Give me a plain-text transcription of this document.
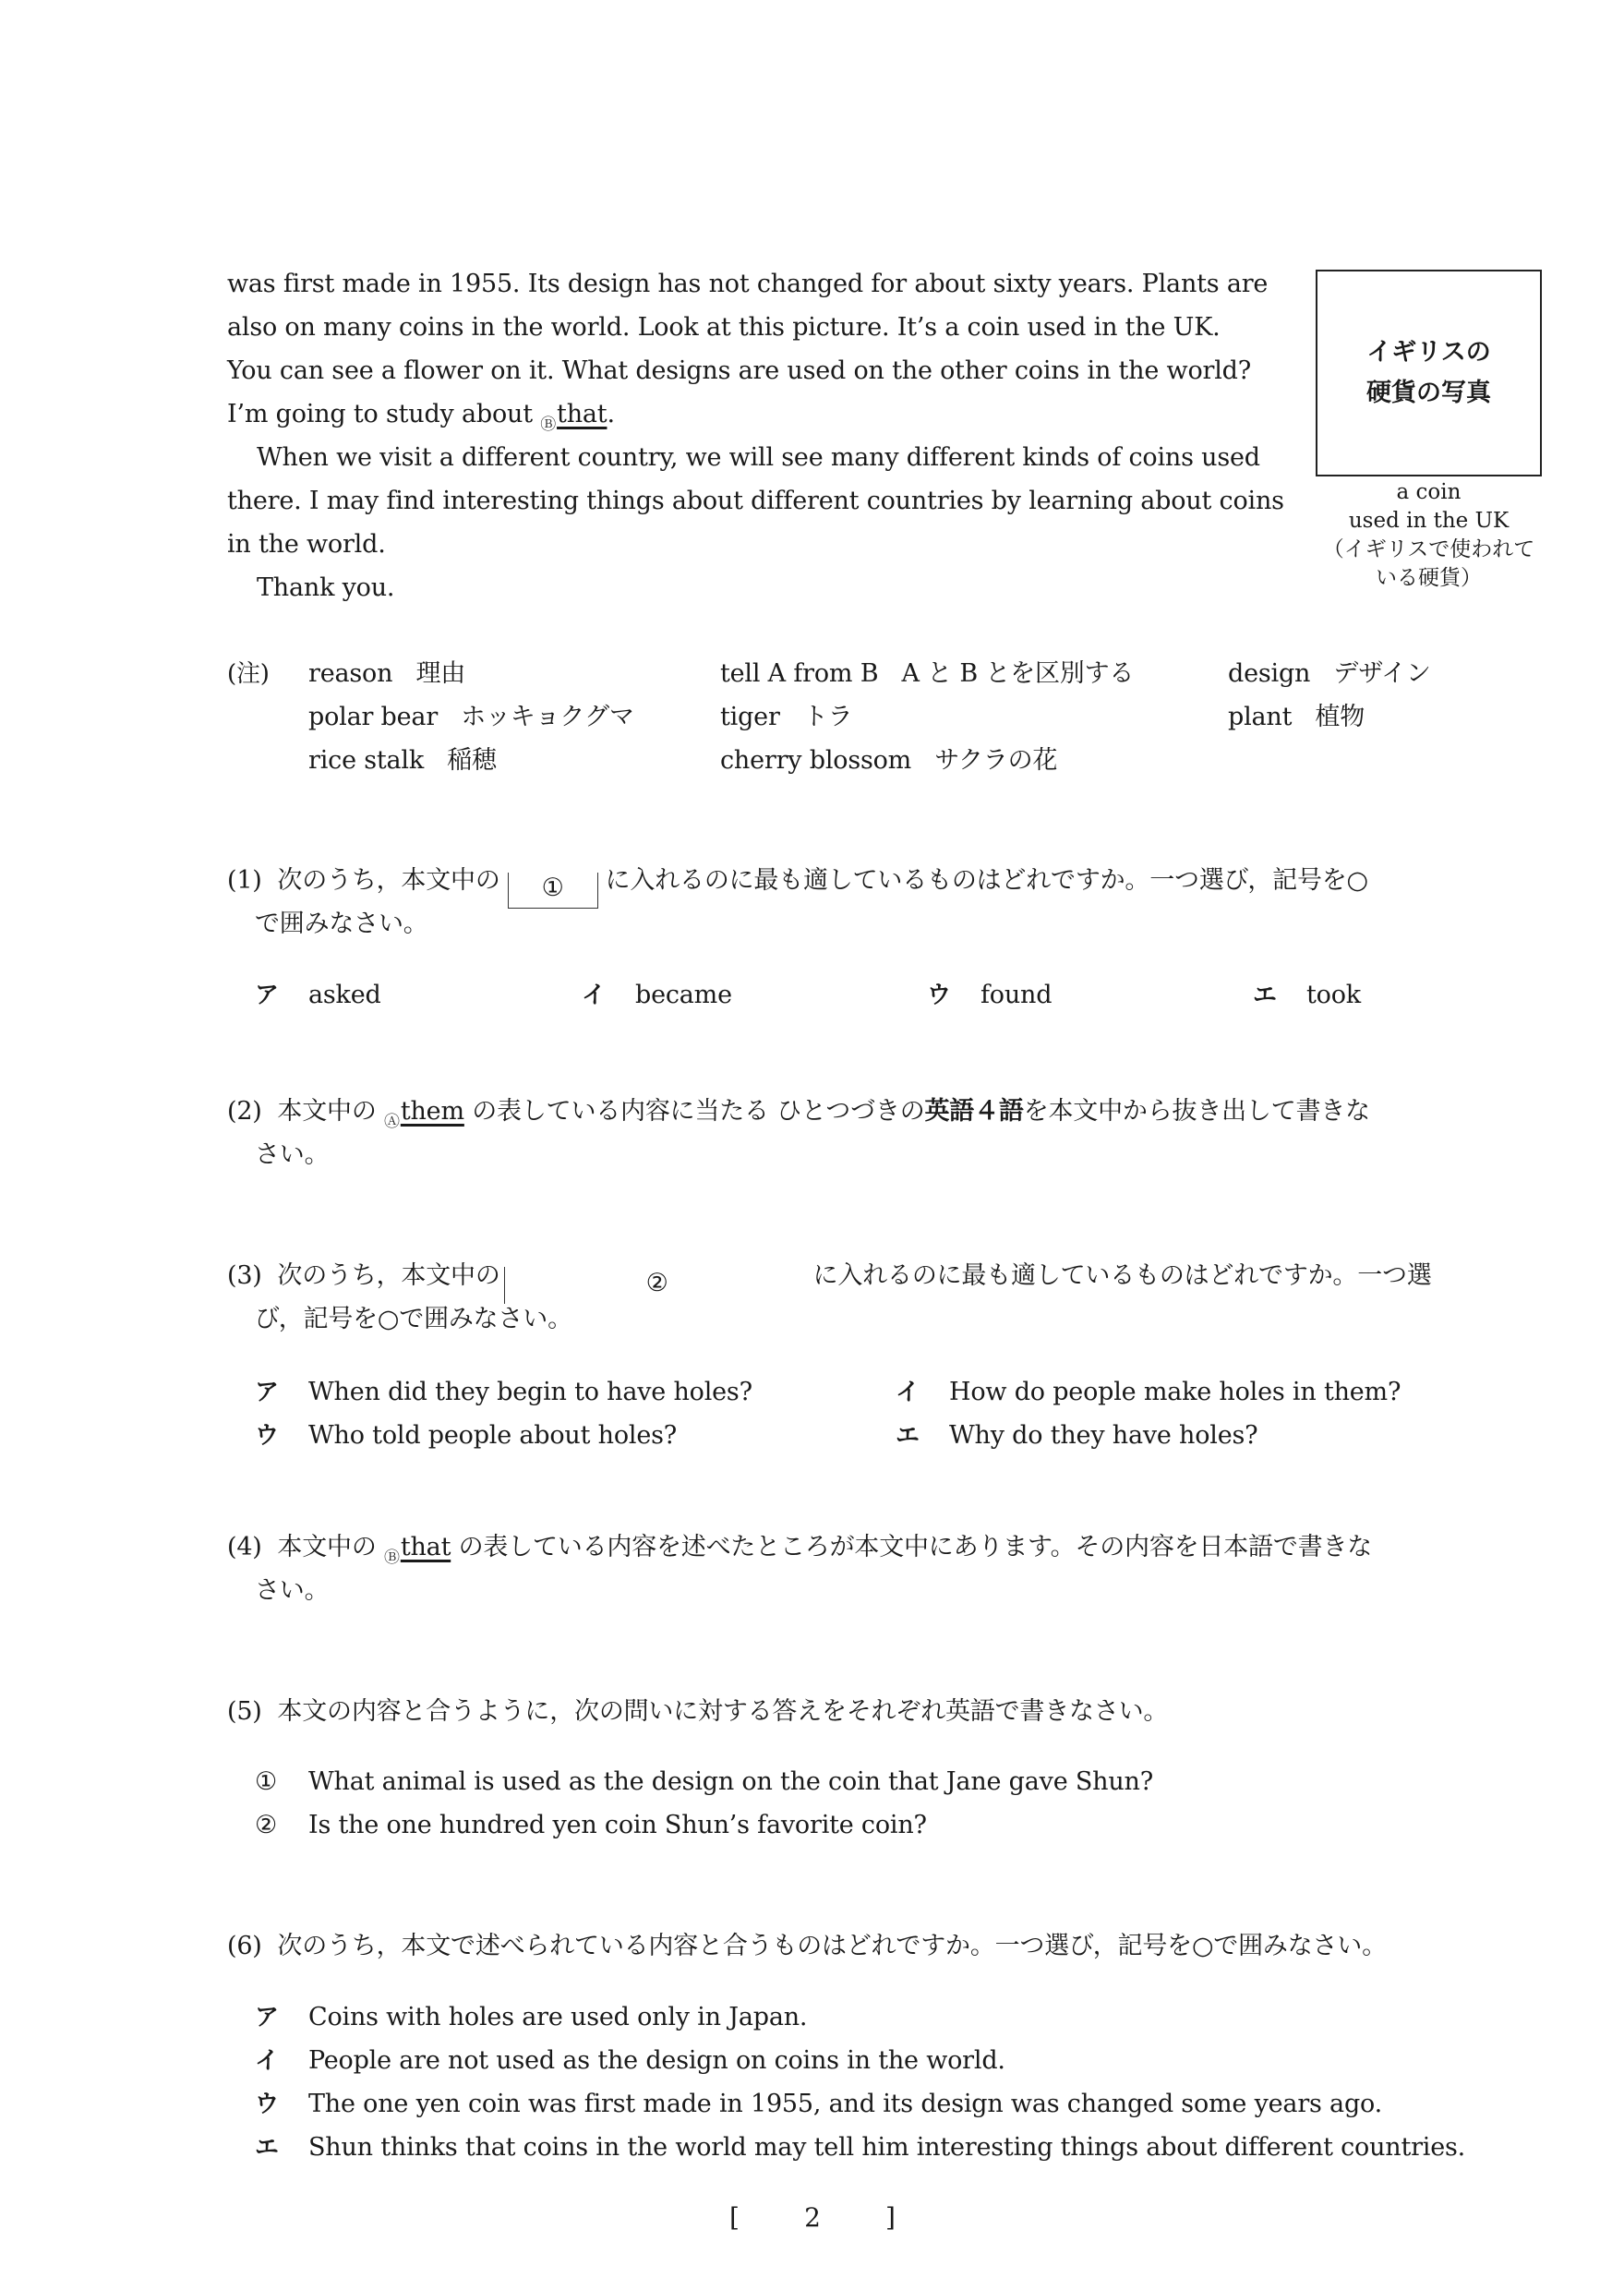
was first made in 1955. Its design has not changed for about sixty years. Plants are
also on many coins in the world. Look at this picture. It’s a coin used in the UK.
You can see a flower on it. What designs are used on the other coins in the world?
I’m going to study about Ⓑthat.
When we visit a different country, we will see many different kinds of coins used
there. I may find interesting things about different countries by learning about coins
in the world.
Thank you.
イギリスの
硬貨の写真
a coin
used in the UK
（イギリスで使われて
いる硬貨）
(注) reason 理由	tell A from B A と B とを区別する	design デザイン
polar bear ホッキョクグマ	tiger トラ	plant 植物
rice stalk 稲穂	cherry blossom サクラの花
(1) 次のうち，本文中の ① に入れるのに最も適しているものはどれですか。一つ選び，記号を○
で囲みなさい。
ア asked	イ became	ウ found	エ took
(2) 本文中の Ⓐthem の表している内容に当たる ひとつづきの英語４語を本文中から抜き出して書きな
さい。
(3) 次のうち，本文中の	②	に入れるのに最も適しているものはどれですか。一つ選
び，記号を○で囲みなさい。
ア When did they begin to have holes?	イ How do people make holes in them?
ウ Who told people about holes?	エ Why do they have holes?
(4) 本文中の Ⓑthat の表している内容を述べたところが本文中にあります。その内容を日本語で書きな
さい。
(5) 本文の内容と合うように，次の問いに対する答えをそれぞれ英語で書きなさい。
① What animal is used as the design on the coin that Jane gave Shun?
② Is the one hundred yen coin Shun’s favorite coin?
(6) 次のうち，本文で述べられている内容と合うものはどれですか。一つ選び，記号を○で囲みなさい。
ア Coins with holes are used only in Japan.
イ People are not used as the design on coins in the world.
ウ The one yen coin was first made in 1955, and its design was changed some years ago.
エ Shun thinks that coins in the world may tell him interesting things about different countries.
[	2	]
